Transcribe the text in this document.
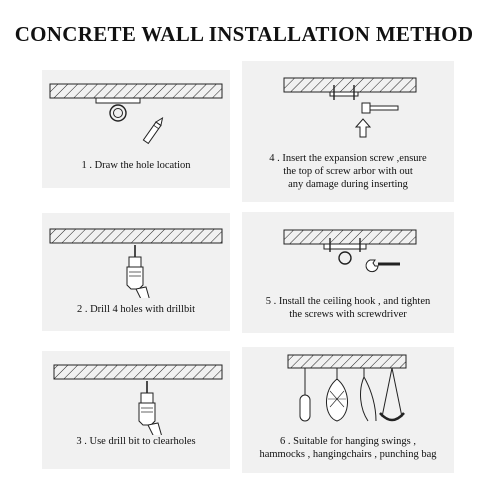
CONCRETE WALL INSTALLATION METHOD
1 . Draw the hole location
2 . Drill 4 holes with drillbit
3 . Use drill bit to clearholes
4 . Insert the expansion screw ,ensure
the top of screw arbor with out
any damage during inserting
5 . Install the ceiling hook , and tighten
the screws with screwdriver
6 . Suitable for hanging swings ,
hammocks , hangingchairs , punching bag
